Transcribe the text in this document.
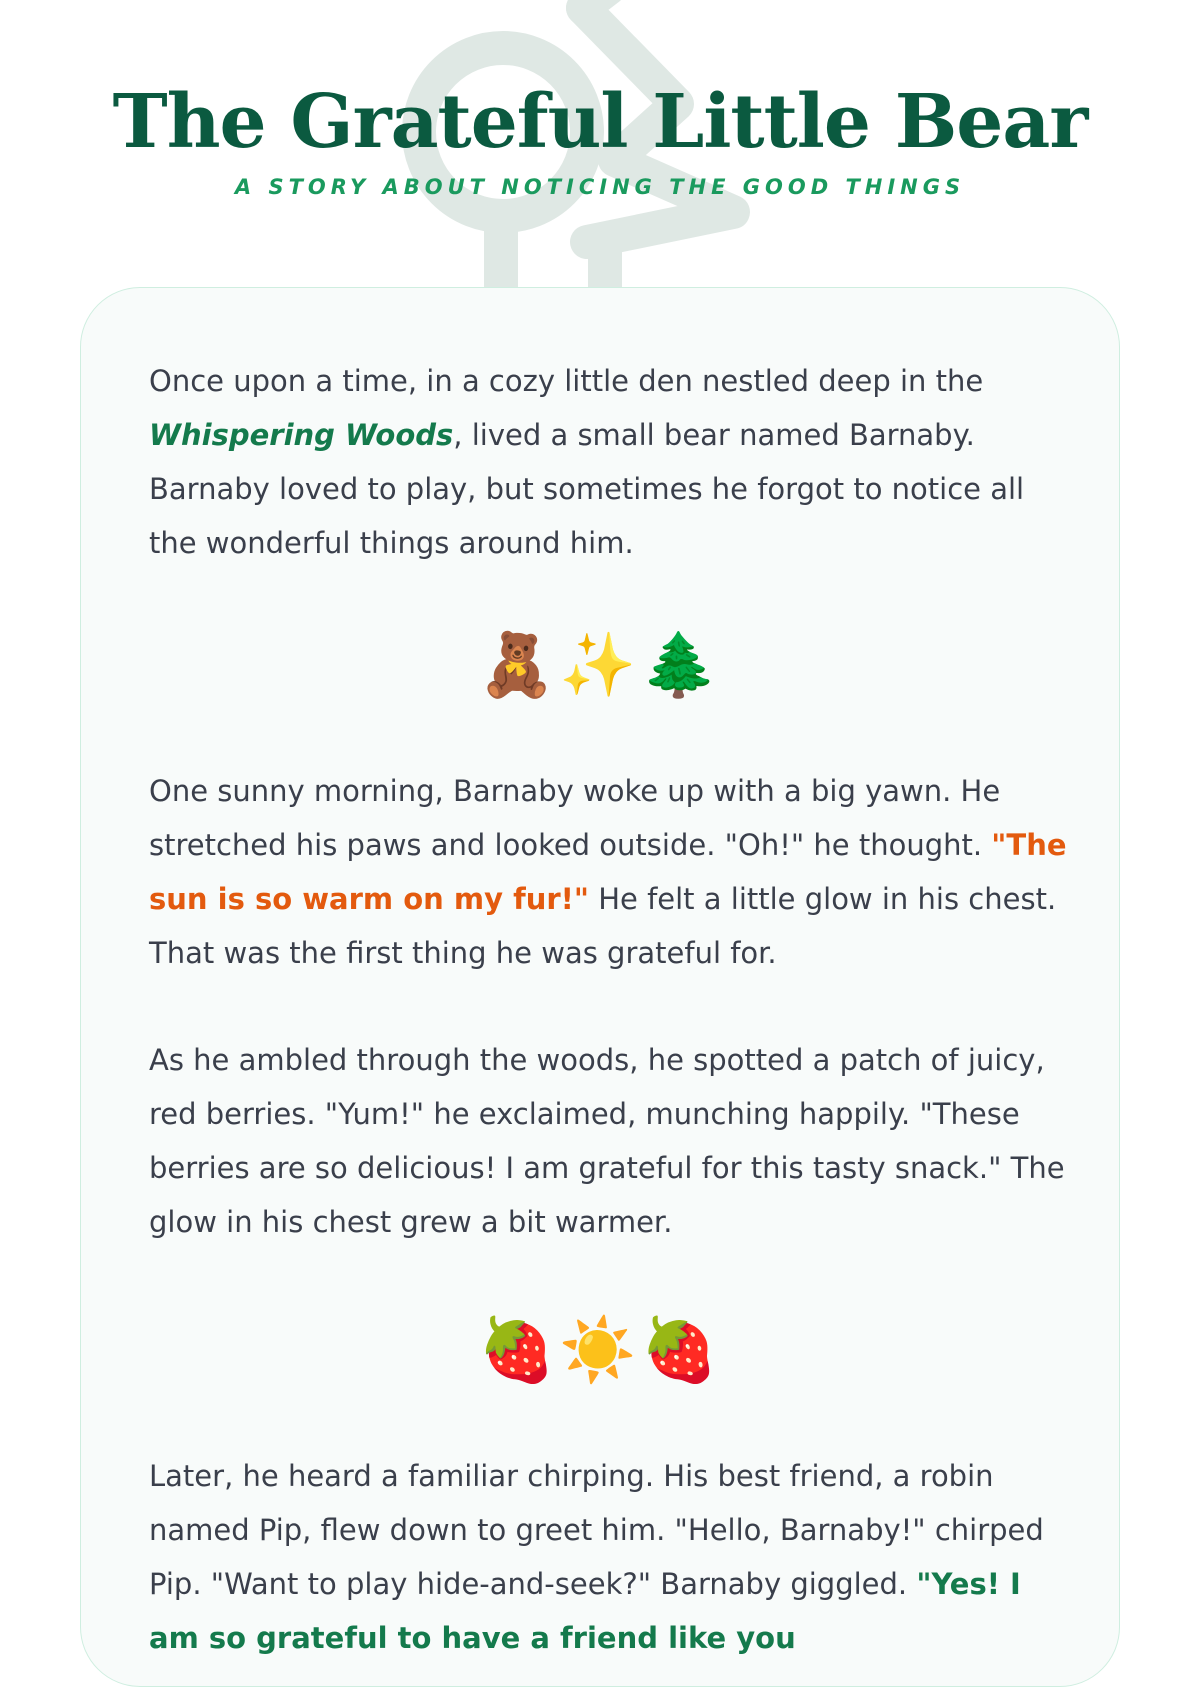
The Grateful Little Bear
A STORY ABOUT NOTICING THE GOOD THINGS

Once upon a time, in a cozy little den nestled deep in the Whispering Woods, lived a small bear named Barnaby. Barnaby loved to play, but sometimes he forgot to notice all the wonderful things around him.

🧸✨🌲

One sunny morning, Barnaby woke up with a big yawn. He stretched his paws and looked outside. "Oh!" he thought. "The sun is so warm on my fur!" He felt a little glow in his chest. That was the first thing he was grateful for.

As he ambled through the woods, he spotted a patch of juicy, red berries. "Yum!" he exclaimed, munching happily. "These berries are so delicious! I am grateful for this tasty snack." The glow in his chest grew a bit warmer.

🍓☀️🍓

Later, he heard a familiar chirping. His best friend, a robin named Pip, flew down to greet him. "Hello, Barnaby!" chirped Pip. "Want to play hide-and-seek?" Barnaby giggled. "Yes! I am so grateful to have a friend like you
